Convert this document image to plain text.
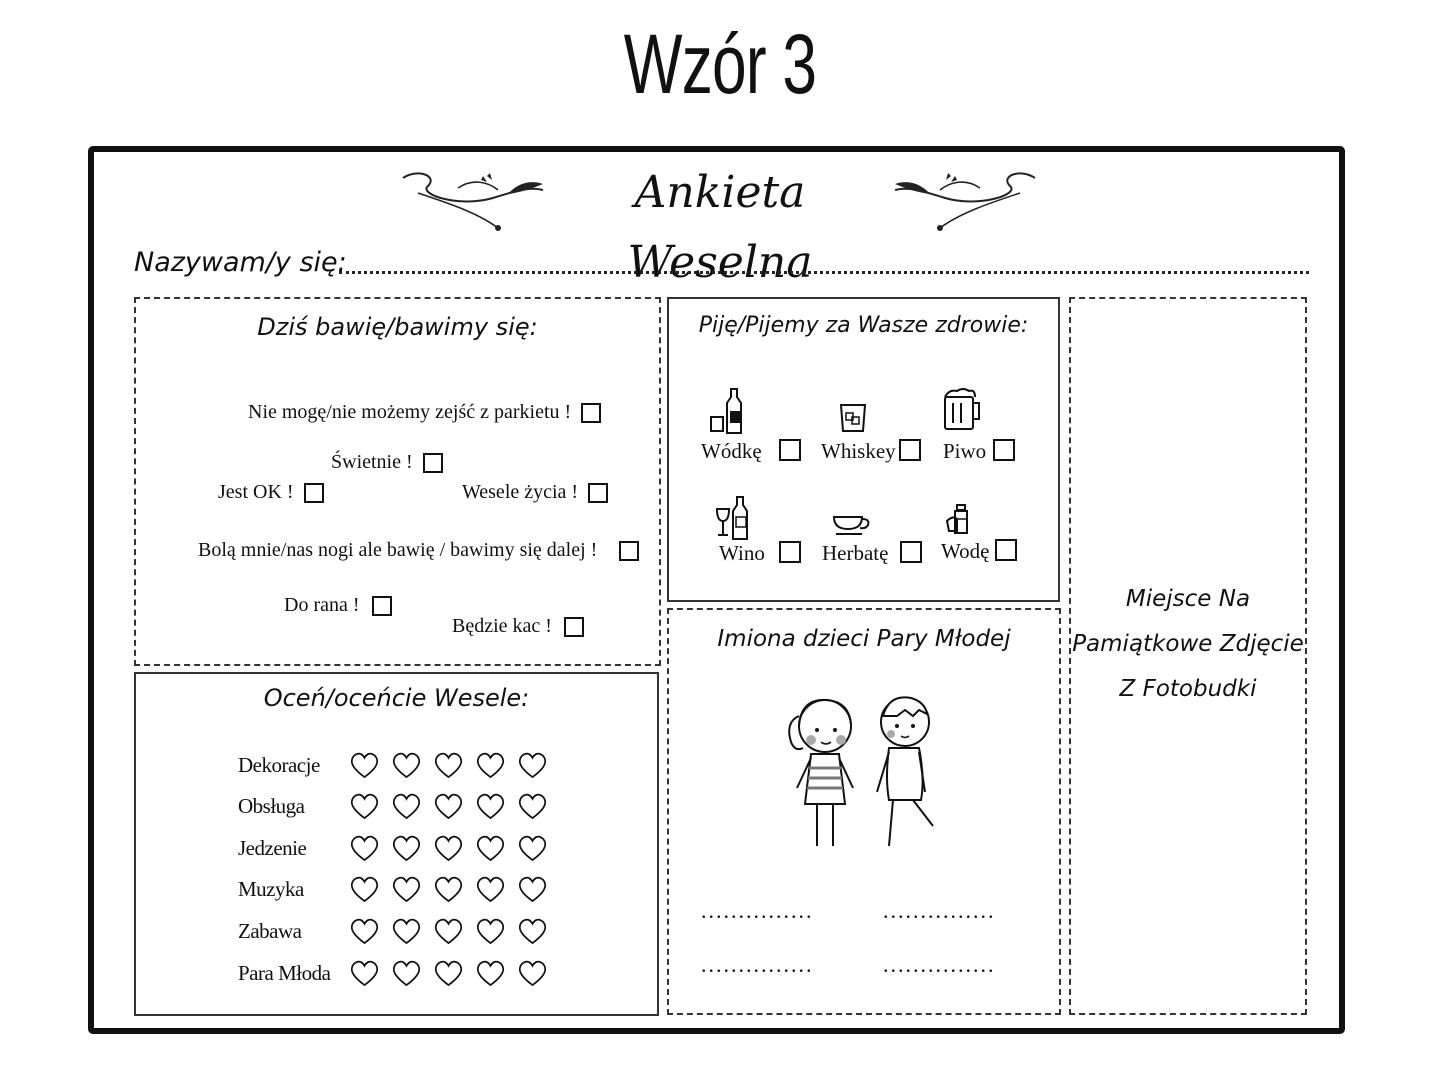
Wzór 3
Ankieta Weselna
Nazywam/y się:
Dziś bawię/bawimy się:
Nie mogę/nie możemy zejść z parkietu !
Świetnie !
Jest OK !	Wesele życia !
Bolą mnie/nas nogi ale bawię / bawimy się dalej !
Do rana !
Będzie kac !
Oceń/oceńcie Wesele:
Dekoracje
Obsługa
Jedzenie
Muzyka
Zabawa
Para Młoda
Piję/Pijemy za Wasze zdrowie:
Wódkę	Whiskey Piwo
Wino	Herbatę	Wodę
Imiona dzieci Pary Młodej
...............	...............
...............	...............
Miejsce Na
Pamiątkowe Zdjęcie
Z Fotobudki
